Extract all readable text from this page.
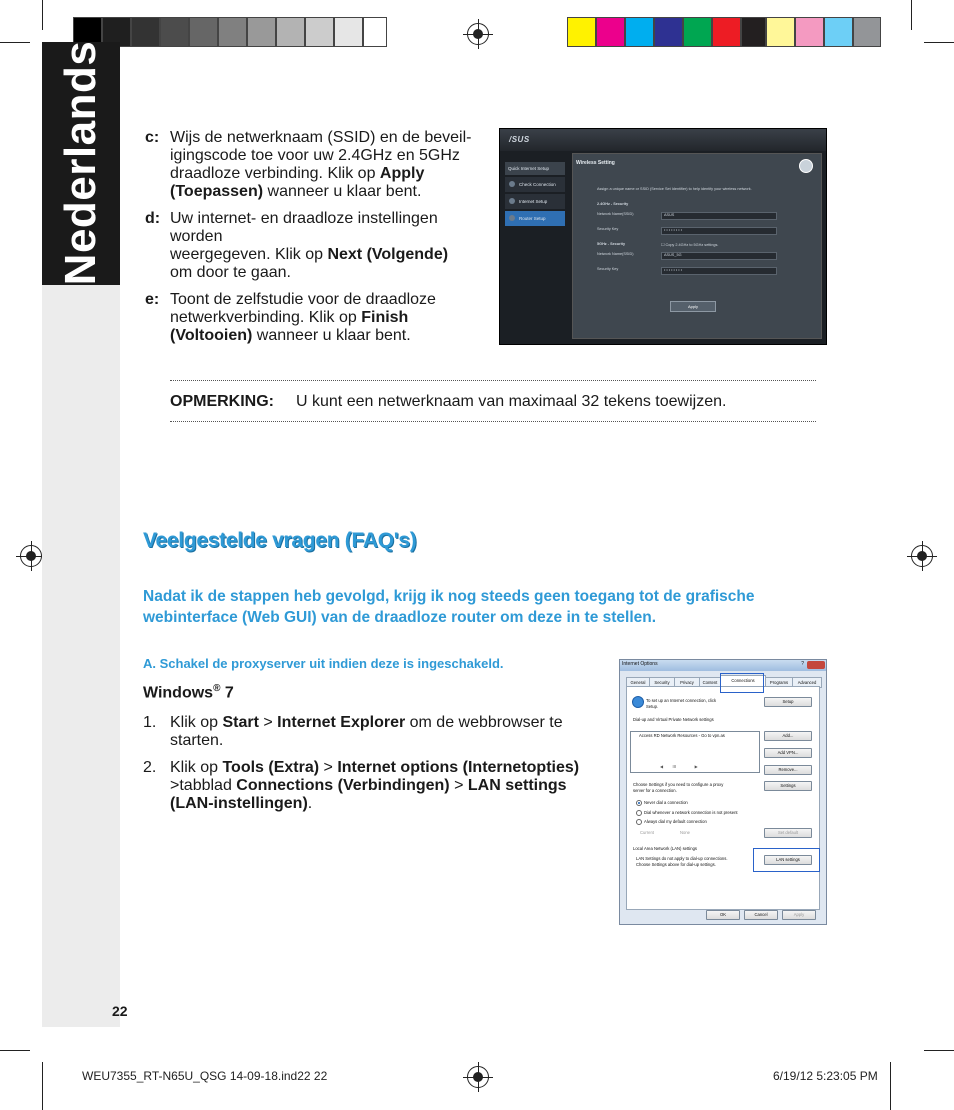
Nederlands	c: Wijs de netwerknaam (SSID) en de beveil-
igingscode toe voor uw 2.4GHz en 5GHz
draadloze verbinding. Klik op Apply
(Toepassen) wanneer u klaar bent.
d: Uw internet- en draadloze instellingen
worden
weergegeven. Klik op Next (Volgende)
om door te gaan.
e: Toont de zelfstudie voor de draadloze
netwerkverbinding. Klik op Finish
(Voltooien) wanneer u klaar bent.
/SUS
Quick Internet Setup
Check Connection
Internet Setup
Router Setup
Wireless Setting
Assign a unique name or SSID (Service Set Identifier) to help identify your wireless network.
2.4GHz - Security
Network Name(SSID)	ASUS
Security Key	• • • • • • • •
5GHz - Security	☐ Copy 2.4GHz to 5GHz settings.
Network Name(SSID)	ASUS_5G
Security Key	• • • • • • • •
Apply
OPMERKING: U kunt een netwerknaam van maximaal 32 tekens toewijzen.
Veelgestelde vragen (FAQ's)
Nadat ik de stappen heb gevolgd, krijg ik nog steeds geen toegang tot de grafische
webinterface (Web GUI) van de draadloze router om deze in te stellen.
A. Schakel de proxyserver uit indien deze is ingeschakeld.
Windows® 7
1. Klik op Start > Internet Explorer om de webbrowser te
starten.
2. Klik op Tools (Extra) > Internet options (Internetopties)
>tabblad Connections (Verbindingen) > LAN settings
(LAN-instellingen).
Internet Options	?
General	Security	Privacy	Content	Connections	Programs	Advanced
To set up an Internet connection, click
Setup.
Setup
Dial-up and Virtual Private Network settings
Access RD Network Resources - Go to vpn.as
◀        III                ▶
Add...
Add VPN...
Remove...
Choose Settings if you need to configure a proxy
server for a connection.
Settings
Never dial a connection
Dial whenever a network connection is not present
Always dial my default connection
Current	None	Set default
Local Area Network (LAN) settings
LAN Settings do not apply to dial-up connections.
Choose Settings above for dial-up settings.
LAN settings
OK	Cancel	Apply
22
WEU7355_RT-N65U_QSG 14-09-18.ind22 22	6/19/12 5:23:05 PM
